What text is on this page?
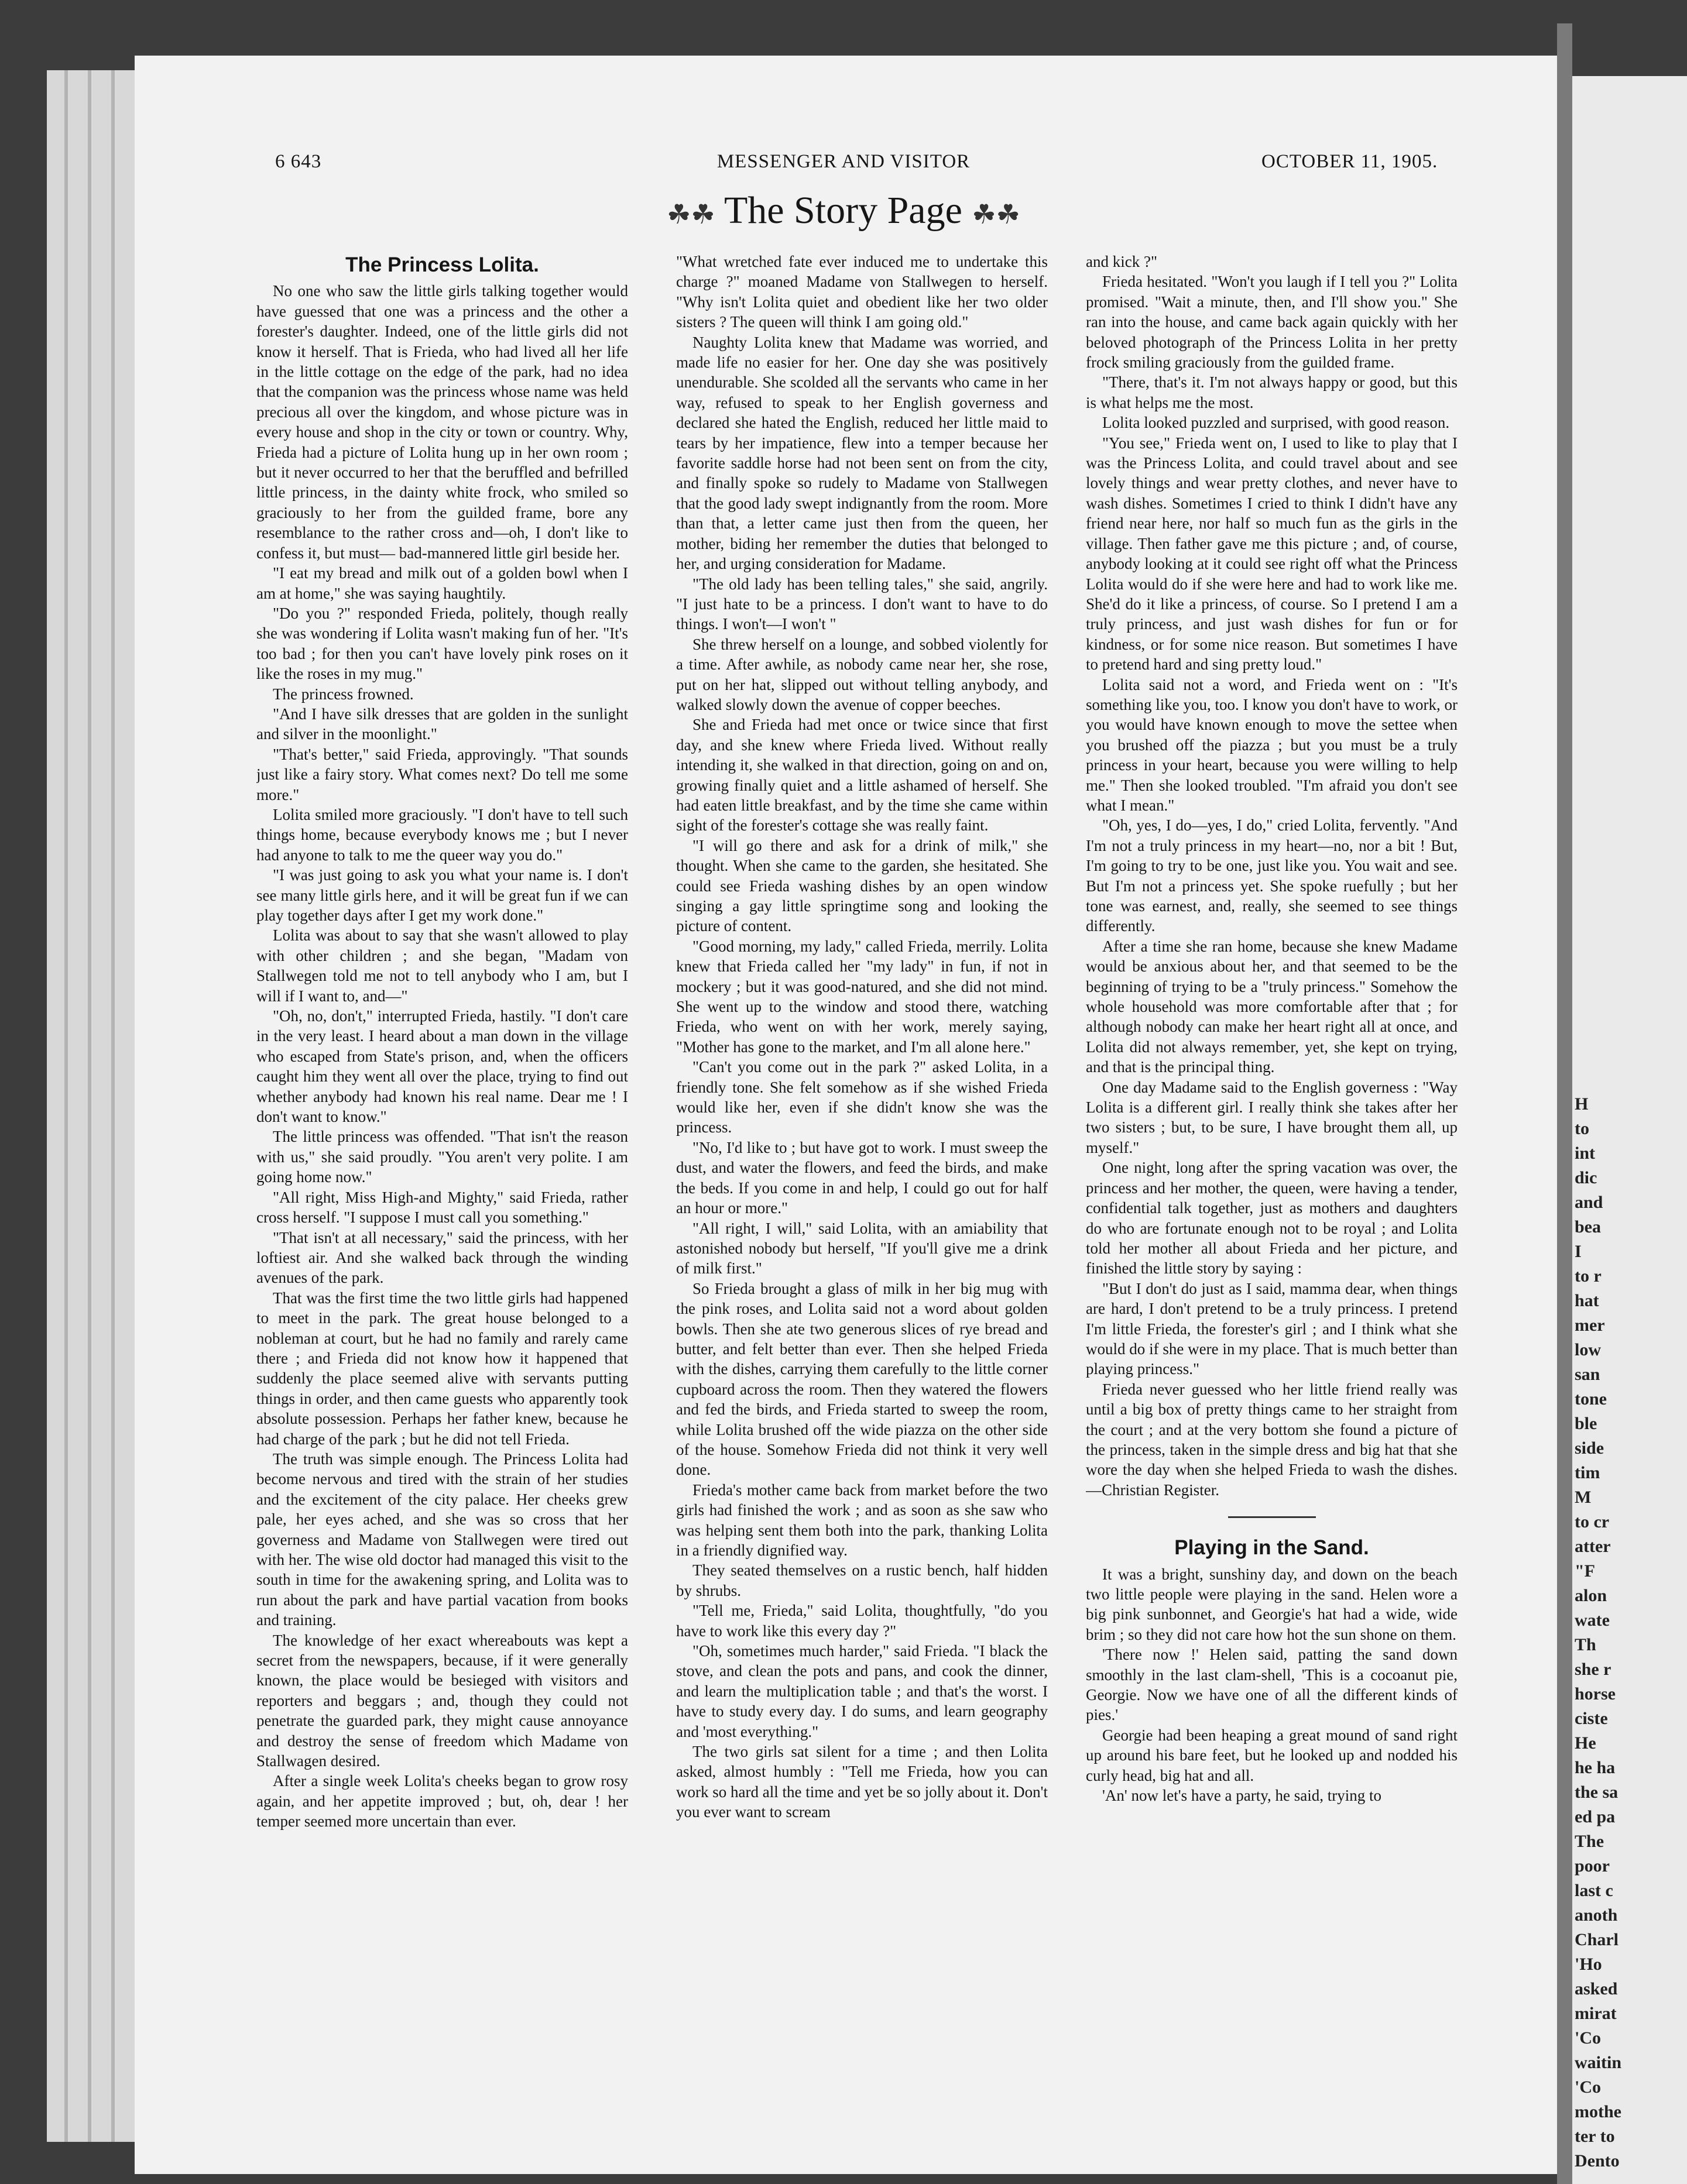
H
to
int
dic
and
bea
I
to r
hat
mer
low
san
tone
ble
side
tim
M
to cr
atter
"F
alon
wate
Th
she r
horse
ciste
He
he ha
the sa
ed pa
The
poor
last c
anoth
Charl
'Ho
asked
mirat
'Co
waitin
'Co
mothe
ter to
Dento
6 643	MESSENGER AND VISITOR	OCTOBER 11, 1905.
☘☘ The Story Page ☘☘
The Princess Lolita.

No one who saw the little girls talking together would have guessed that one was a princess and the other a forester's daughter. Indeed, one of the little girls did not know it herself. That is Frieda, who had lived all her life in the little cottage on the edge of the park, had no idea that the companion was the princess whose name was held precious all over the kingdom, and whose picture was in every house and shop in the city or town or country. Why, Frieda had a picture of Lolita hung up in her own room ; but it never occurred to her that the beruffled and befrilled little princess, in the dainty white frock, who smiled so graciously to her from the guilded frame, bore any resemblance to the rather cross and—oh, I don't like to confess it, but must— bad-mannered little girl beside her.

"I eat my bread and milk out of a golden bowl when I am at home," she was saying haughtily.

"Do you ?" responded Frieda, politely, though really she was wondering if Lolita wasn't making fun of her. "It's too bad ; for then you can't have lovely pink roses on it like the roses in my mug."

The princess frowned.

"And I have silk dresses that are golden in the sunlight and silver in the moonlight."

"That's better," said Frieda, approvingly. "That sounds just like a fairy story. What comes next? Do tell me some more."

Lolita smiled more graciously. "I don't have to tell such things home, because everybody knows me ; but I never had anyone to talk to me the queer way you do."

"I was just going to ask you what your name is. I don't see many little girls here, and it will be great fun if we can play together days after I get my work done."

Lolita was about to say that she wasn't allowed to play with other children ; and she began, "Madam von Stallwegen told me not to tell anybody who I am, but I will if I want to, and—"

"Oh, no, don't," interrupted Frieda, hastily. "I don't care in the very least. I heard about a man down in the village who escaped from State's prison, and, when the officers caught him they went all over the place, trying to find out whether anybody had known his real name. Dear me ! I don't want to know."

The little princess was offended. "That isn't the reason with us," she said proudly. "You aren't very polite. I am going home now."

"All right, Miss High-and Mighty," said Frieda, rather cross herself. "I suppose I must call you something."

"That isn't at all necessary," said the princess, with her loftiest air. And she walked back through the winding avenues of the park.

That was the first time the two little girls had happened to meet in the park. The great house belonged to a nobleman at court, but he had no family and rarely came there ; and Frieda did not know how it happened that suddenly the place seemed alive with servants putting things in order, and then came guests who apparently took absolute possession. Perhaps her father knew, because he had charge of the park ; but he did not tell Frieda.

The truth was simple enough. The Princess Lolita had become nervous and tired with the strain of her studies and the excitement of the city palace. Her cheeks grew pale, her eyes ached, and she was so cross that her governess and Madame von Stallwegen were tired out with her. The wise old doctor had managed this visit to the south in time for the awakening spring, and Lolita was to run about the park and have partial vacation from books and training.

The knowledge of her exact whereabouts was kept a secret from the newspapers, because, if it were generally known, the place would be besieged with visitors and reporters and beggars ; and, though they could not penetrate the guarded park, they might cause annoyance and destroy the sense of freedom which Madame von Stallwagen desired.

After a single week Lolita's cheeks began to grow rosy again, and her appetite improved ; but, oh, dear ! her temper seemed more uncertain than ever.

"What wretched fate ever induced me to undertake this charge ?" moaned Madame von Stallwegen to herself. "Why isn't Lolita quiet and obedient like her two older sisters ? The queen will think I am going old."

Naughty Lolita knew that Madame was worried, and made life no easier for her. One day she was positively unendurable. She scolded all the servants who came in her way, refused to speak to her English governess and declared she hated the English, reduced her little maid to tears by her impatience, flew into a temper because her favorite saddle horse had not been sent on from the city, and finally spoke so rudely to Madame von Stallwegen that the good lady swept indignantly from the room. More than that, a letter came just then from the queen, her mother, biding her remember the duties that belonged to her, and urging consideration for Madame.

"The old lady has been telling tales," she said, angrily. "I just hate to be a princess. I don't want to have to do things. I won't—I won't "

She threw herself on a lounge, and sobbed violently for a time. After awhile, as nobody came near her, she rose, put on her hat, slipped out without telling anybody, and walked slowly down the avenue of copper beeches.

She and Frieda had met once or twice since that first day, and she knew where Frieda lived. Without really intending it, she walked in that direction, going on and on, growing finally quiet and a little ashamed of herself. She had eaten little breakfast, and by the time she came within sight of the forester's cottage she was really faint.

"I will go there and ask for a drink of milk," she thought. When she came to the garden, she hesitated. She could see Frieda washing dishes by an open window singing a gay little springtime song and looking the picture of content.

"Good morning, my lady," called Frieda, merrily. Lolita knew that Frieda called her "my lady" in fun, if not in mockery ; but it was good-natured, and she did not mind. She went up to the window and stood there, watching Frieda, who went on with her work, merely saying, "Mother has gone to the market, and I'm all alone here."

"Can't you come out in the park ?" asked Lolita, in a friendly tone. She felt somehow as if she wished Frieda would like her, even if she didn't know she was the princess.

"No, I'd like to ; but have got to work. I must sweep the dust, and water the flowers, and feed the birds, and make the beds. If you come in and help, I could go out for half an hour or more."

"All right, I will," said Lolita, with an amiability that astonished nobody but herself, "If you'll give me a drink of milk first."

So Frieda brought a glass of milk in her big mug with the pink roses, and Lolita said not a word about golden bowls. Then she ate two generous slices of rye bread and butter, and felt better than ever. Then she helped Frieda with the dishes, carrying them carefully to the little corner cupboard across the room. Then they watered the flowers and fed the birds, and Frieda started to sweep the room, while Lolita brushed off the wide piazza on the other side of the house. Somehow Frieda did not think it very well done.

Frieda's mother came back from market before the two girls had finished the work ; and as soon as she saw who was helping sent them both into the park, thanking Lolita in a friendly dignified way.

They seated themselves on a rustic bench, half hidden by shrubs.

"Tell me, Frieda," said Lolita, thoughtfully, "do you have to work like this every day ?"

"Oh, sometimes much harder," said Frieda. "I black the stove, and clean the pots and pans, and cook the dinner, and learn the multiplication table ; and that's the worst. I have to study every day. I do sums, and learn geography and 'most everything."

The two girls sat silent for a time ; and then Lolita asked, almost humbly : "Tell me Frieda, how you can work so hard all the time and yet be so jolly about it. Don't you ever want to scream

and kick ?"

Frieda hesitated. "Won't you laugh if I tell you ?" Lolita promised. "Wait a minute, then, and I'll show you." She ran into the house, and came back again quickly with her beloved photograph of the Princess Lolita in her pretty frock smiling graciously from the guilded frame.

"There, that's it. I'm not always happy or good, but this is what helps me the most.

Lolita looked puzzled and surprised, with good reason.

"You see," Frieda went on, I used to like to play that I was the Princess Lolita, and could travel about and see lovely things and wear pretty clothes, and never have to wash dishes. Sometimes I cried to think I didn't have any friend near here, nor half so much fun as the girls in the village. Then father gave me this picture ; and, of course, anybody looking at it could see right off what the Princess Lolita would do if she were here and had to work like me. She'd do it like a princess, of course. So I pretend I am a truly princess, and just wash dishes for fun or for kindness, or for some nice reason. But sometimes I have to pretend hard and sing pretty loud."

Lolita said not a word, and Frieda went on : "It's something like you, too. I know you don't have to work, or you would have known enough to move the settee when you brushed off the piazza ; but you must be a truly princess in your heart, because you were willing to help me." Then she looked troubled. "I'm afraid you don't see what I mean."

"Oh, yes, I do—yes, I do," cried Lolita, fervently. "And I'm not a truly princess in my heart—no, nor a bit ! But, I'm going to try to be one, just like you. You wait and see. But I'm not a princess yet. She spoke ruefully ; but her tone was earnest, and, really, she seemed to see things differently.

After a time she ran home, because she knew Madame would be anxious about her, and that seemed to be the beginning of trying to be a "truly princess." Somehow the whole household was more comfortable after that ; for although nobody can make her heart right all at once, and Lolita did not always remember, yet, she kept on trying, and that is the principal thing.

One day Madame said to the English governess : "Way Lolita is a different girl. I really think she takes after her two sisters ; but, to be sure, I have brought them all, up myself."

One night, long after the spring vacation was over, the princess and her mother, the queen, were having a tender, confidential talk together, just as mothers and daughters do who are fortunate enough not to be royal ; and Lolita told her mother all about Frieda and her picture, and finished the little story by saying :

"But I don't do just as I said, mamma dear, when things are hard, I don't pretend to be a truly princess. I pretend I'm little Frieda, the forester's girl ; and I think what she would do if she were in my place. That is much better than playing princess."

Frieda never guessed who her little friend really was until a big box of pretty things came to her straight from the court ; and at the very bottom she found a picture of the princess, taken in the simple dress and big hat that she wore the day when she helped Frieda to wash the dishes.—Christian Register.

Playing in the Sand.

It was a bright, sunshiny day, and down on the beach two little people were playing in the sand. Helen wore a big pink sunbonnet, and Georgie's hat had a wide, wide brim ; so they did not care how hot the sun shone on them.

'There now !' Helen said, patting the sand down smoothly in the last clam-shell, 'This is a cocoanut pie, Georgie. Now we have one of all the different kinds of pies.'

Georgie had been heaping a great mound of sand right up around his bare feet, but he looked up and nodded his curly head, big hat and all.

'An' now let's have a party, he said, trying to
